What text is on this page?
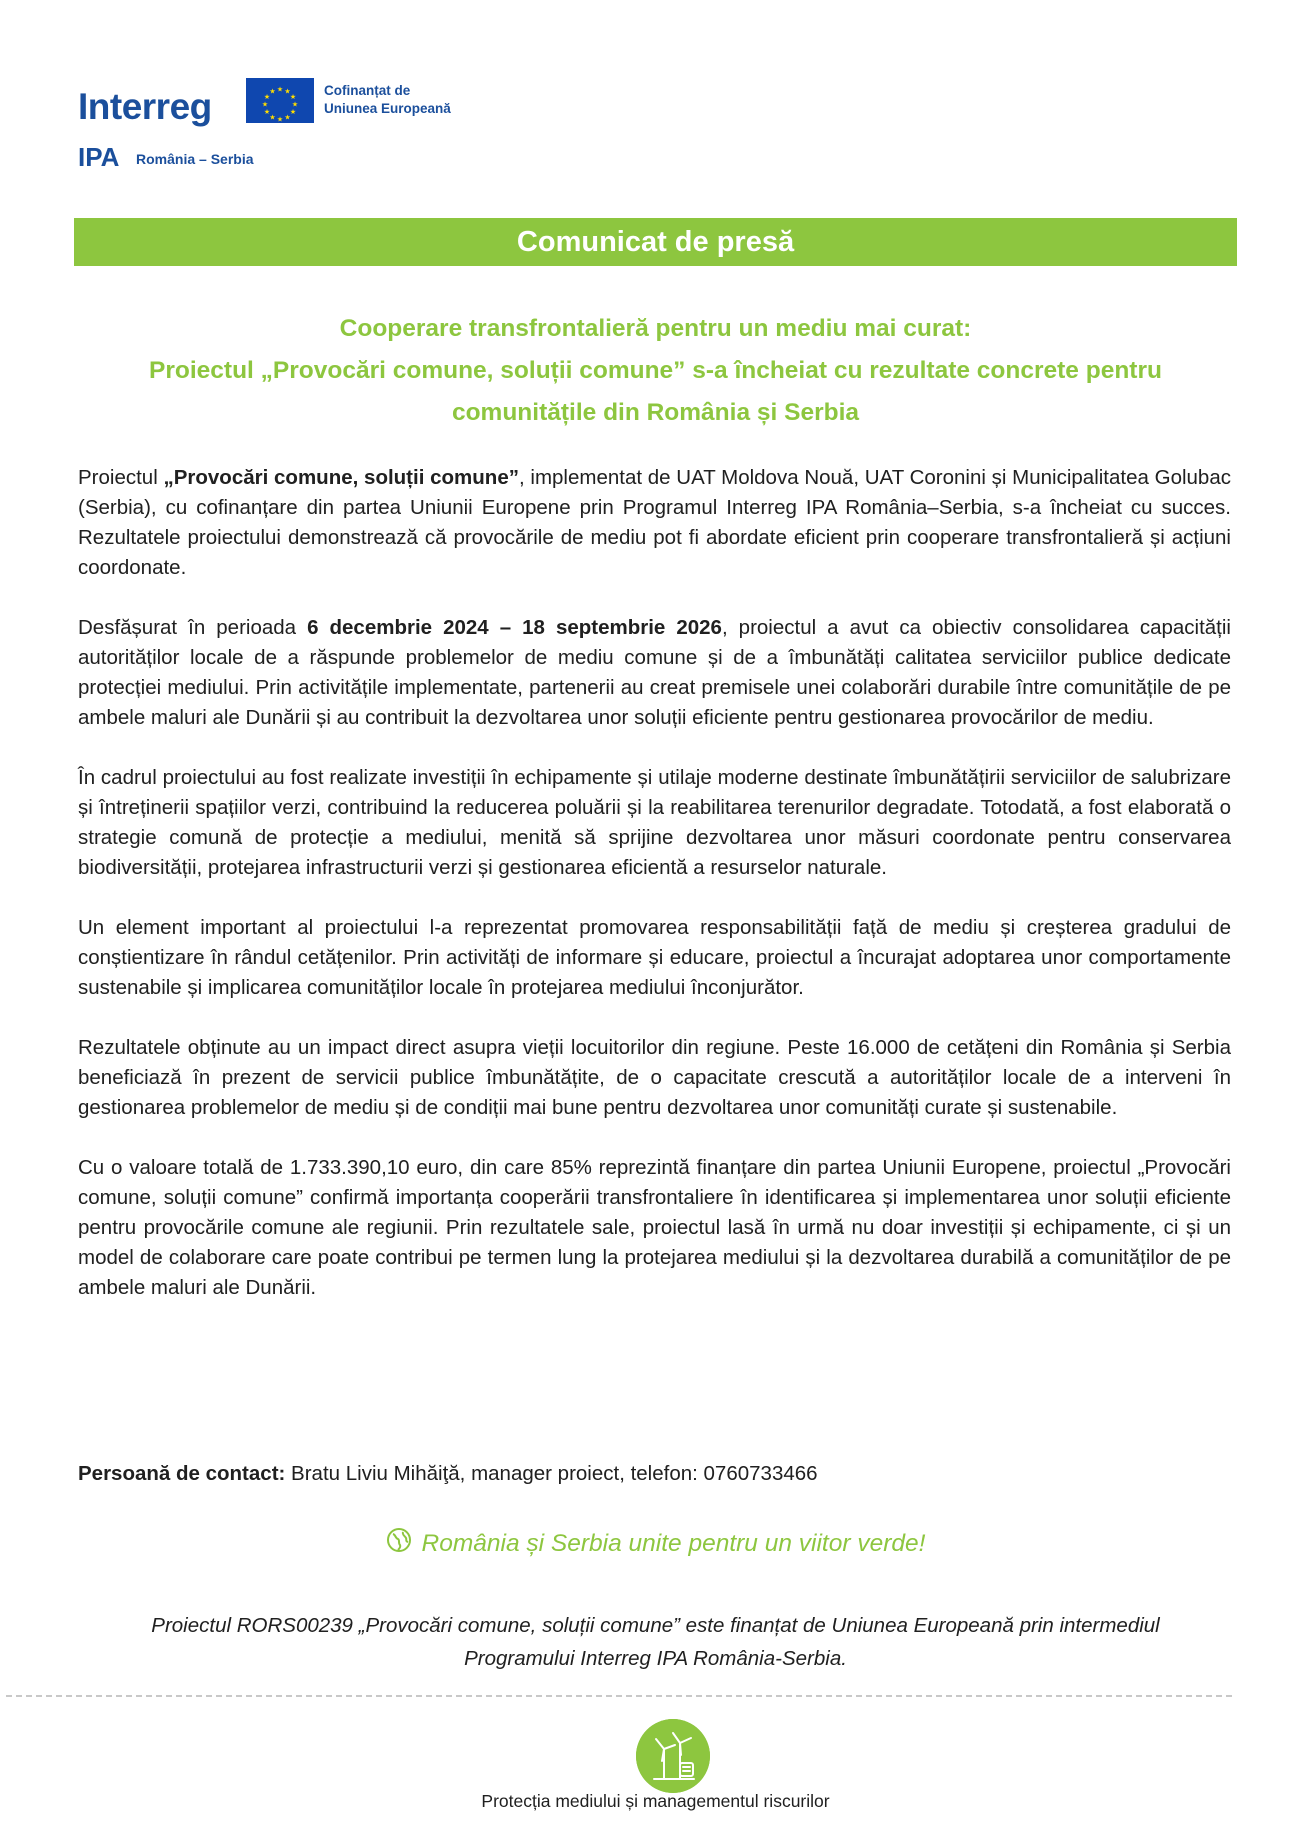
Interreg	★ ★
★
★
★
★
★
★
★
★
★
★	Cofinanțat de
Uniunea Europeană
IPA România – Serbia
Comunicat de presă
Cooperare transfrontalieră pentru un mediu mai curat:
Proiectul „Provocări comune, soluții comune” s-a încheiat cu rezultate concrete pentru
comunitățile din România și Serbia

Proiectul „Provocări comune, soluții comune”, implementat de UAT Moldova Nouă, UAT Coronini și Municipalitatea Golubac (Serbia), cu cofinanțare din partea Uniunii Europene prin Programul Interreg IPA România–Serbia, s-a încheiat cu succes. Rezultatele proiectului demonstrează că provocările de mediu pot fi abordate eficient prin cooperare transfrontalieră și acțiuni coordonate.

Desfășurat în perioada 6 decembrie 2024 – 18 septembrie 2026, proiectul a avut ca obiectiv consolidarea capacității autorităților locale de a răspunde problemelor de mediu comune și de a îmbunătăți calitatea serviciilor publice dedicate protecției mediului. Prin activitățile implementate, partenerii au creat premisele unei colaborări durabile între comunitățile de pe ambele maluri ale Dunării și au contribuit la dezvoltarea unor soluții eficiente pentru gestionarea provocărilor de mediu.

În cadrul proiectului au fost realizate investiții în echipamente și utilaje moderne destinate îmbunătățirii serviciilor de salubrizare și întreținerii spațiilor verzi, contribuind la reducerea poluării și la reabilitarea terenurilor degradate. Totodată, a fost elaborată o strategie comună de protecție a mediului, menită să sprijine dezvoltarea unor măsuri coordonate pentru conservarea biodiversității, protejarea infrastructurii verzi și gestionarea eficientă a resurselor naturale.

Un element important al proiectului l-a reprezentat promovarea responsabilității față de mediu și creșterea gradului de conștientizare în rândul cetățenilor. Prin activități de informare și educare, proiectul a încurajat adoptarea unor comportamente sustenabile și implicarea comunităților locale în protejarea mediului înconjurător.

Rezultatele obținute au un impact direct asupra vieții locuitorilor din regiune. Peste 16.000 de cetățeni din România și Serbia beneficiază în prezent de servicii publice îmbunătățite, de o capacitate crescută a autorităților locale de a interveni în gestionarea problemelor de mediu și de condiții mai bune pentru dezvoltarea unor comunități curate și sustenabile.

Cu o valoare totală de 1.733.390,10 euro, din care 85% reprezintă finanțare din partea Uniunii Europene, proiectul „Provocări comune, soluții comune” confirmă importanța cooperării transfrontaliere în identificarea și implementarea unor soluții eficiente pentru provocările comune ale regiunii. Prin rezultatele sale, proiectul lasă în urmă nu doar investiții și echipamente, ci și un model de colaborare care poate contribui pe termen lung la protejarea mediului și la dezvoltarea durabilă a comunităților de pe ambele maluri ale Dunării.

Persoană de contact: Bratu Liviu Mihăiţă, manager proiect, telefon: 0760733466
România și Serbia unite pentru un viitor verde!
Proiectul RORS00239 „Provocări comune, soluții comune” este finanțat de Uniunea Europeană prin intermediul
Programului Interreg IPA România-Serbia.
Protecția mediului și managementul riscurilor
